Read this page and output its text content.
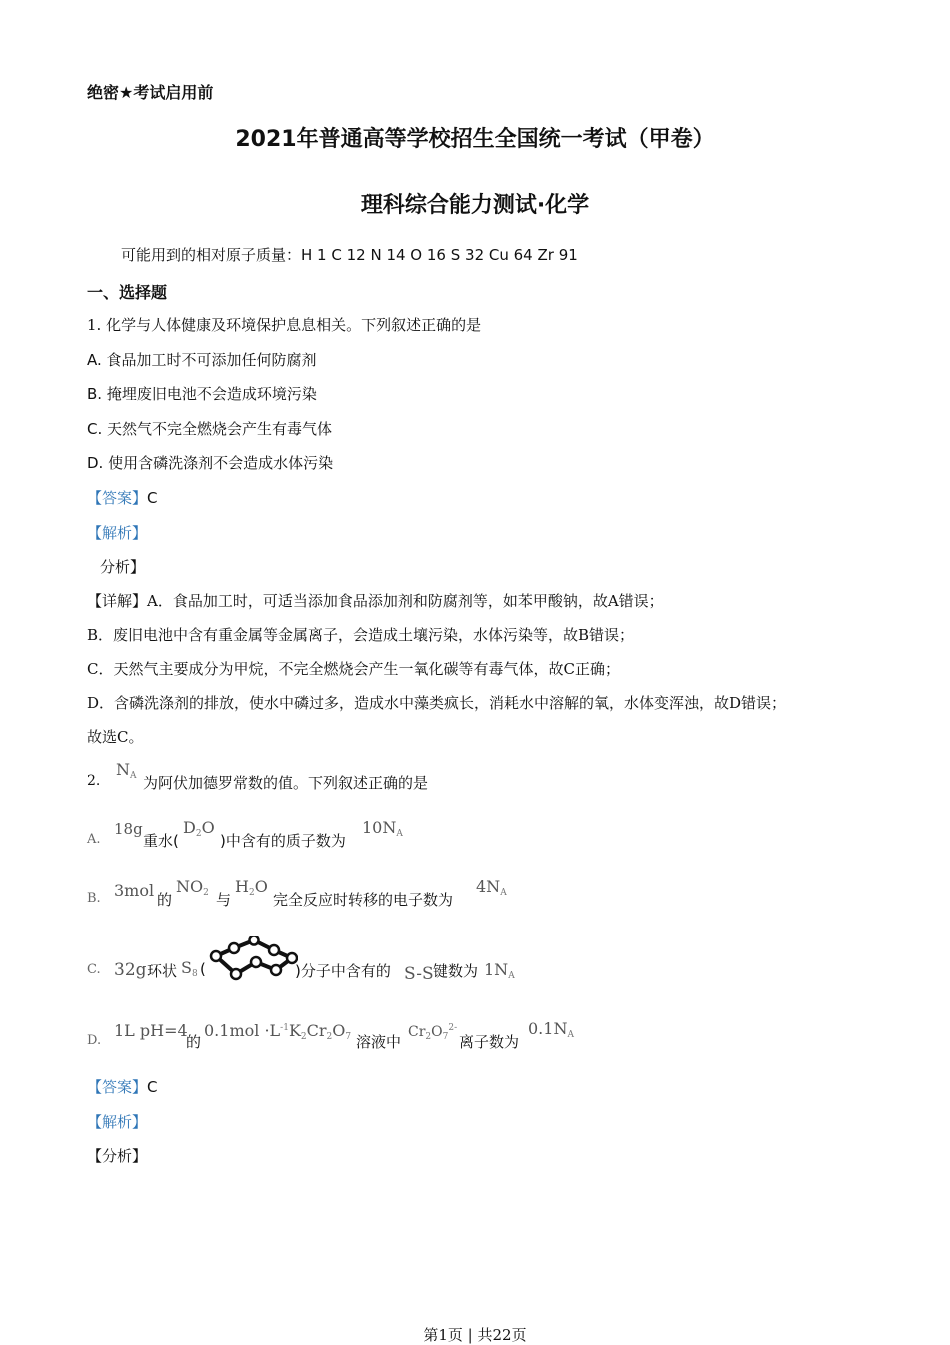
绝密★考试启用前
2021年普通高等学校招生全国统一考试（甲卷）
理科综合能力测试·化学
可能用到的相对原子质量：H 1 C 12 N 14 O 16 S 32 Cu 64 Zr 91
一、选择题
1. 化学与人体健康及环境保护息息相关。下列叙述正确的是
A. 食品加工时不可添加任何防腐剂
B. 掩埋废旧电池不会造成环境污染
C. 天然气不完全燃烧会产生有毒气体
D. 使用含磷洗涤剂不会造成水体污染
【答案】C
【解析】
分析】
【详解】A．食品加工时，可适当添加食品添加剂和防腐剂等，如苯甲酸钠，故A错误；
B．废旧电池中含有重金属等金属离子，会造成土壤污染，水体污染等，故B错误；
C．天然气主要成分为甲烷，不完全燃烧会产生一氧化碳等有毒气体，故C正确；
D．含磷洗涤剂的排放，使水中磷过多，造成水中藻类疯长，消耗水中溶解的氧，水体变浑浊，故D错误；
故选C。
2.
$N_A$ 为阿伏加德罗常数的值。下列叙述正确的是
A.
18g
重水(
$D_2O$
)中含有的质子数为
$10N_A$
B. 3mol 的
$NO_2$ 与
$H_2O$
完全反应时转移的电子数为
$4N_A$
C. 32g 环状 $S_8$ (	)分子中含有的 S-S 键数为 $1N_A$
D.
1L pH=4
的
$0.1mol \cdot L^{-1}K_2Cr_2O_7$ 溶液中
$Cr_2O_7^{2-}$
离子数为
$0.1N_A$
【答案】C
【解析】
【分析】
第1页 | 共22页
